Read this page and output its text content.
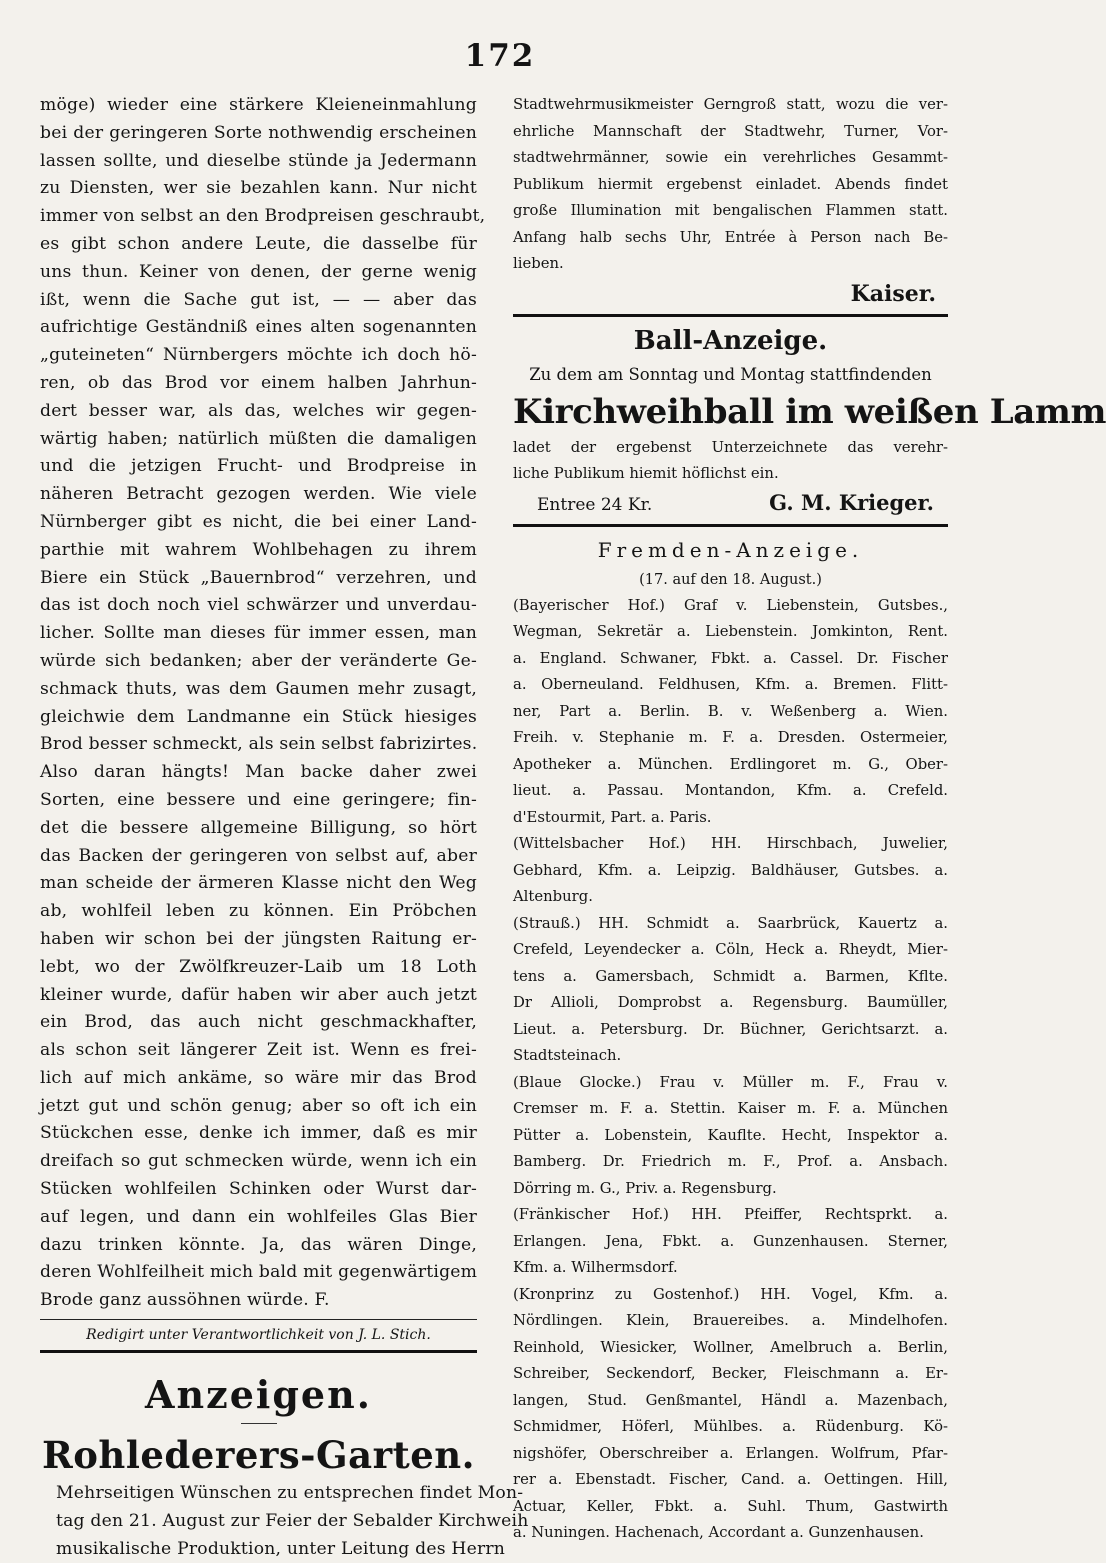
172
möge) wieder eine stärkere Kleieneinmahlung
bei der geringeren Sorte nothwendig erscheinen
lassen sollte, und dieselbe stünde ja Jedermann
zu Diensten, wer sie bezahlen kann. Nur nicht
immer von selbst an den Brodpreisen geschraubt,
es gibt schon andere Leute, die dasselbe für
uns thun. Keiner von denen, der gerne wenig
ißt, wenn die Sache gut ist, — — aber das
aufrichtige Geständniß eines alten sogenannten
„guteineten“ Nürnbergers möchte ich doch hö-
ren, ob das Brod vor einem halben Jahrhun-
dert besser war, als das, welches wir gegen-
wärtig haben; natürlich müßten die damaligen
und die jetzigen Frucht- und Brodpreise in
näheren Betracht gezogen werden. Wie viele
Nürnberger gibt es nicht, die bei einer Land-
parthie mit wahrem Wohlbehagen zu ihrem
Biere ein Stück „Bauernbrod“ verzehren, und
das ist doch noch viel schwärzer und unverdau-
licher. Sollte man dieses für immer essen, man
würde sich bedanken; aber der veränderte Ge-
schmack thuts, was dem Gaumen mehr zusagt,
gleichwie dem Landmanne ein Stück hiesiges
Brod besser schmeckt, als sein selbst fabrizirtes.
Also daran hängts! Man backe daher zwei
Sorten, eine bessere und eine geringere; fin-
det die bessere allgemeine Billigung, so hört
das Backen der geringeren von selbst auf, aber
man scheide der ärmeren Klasse nicht den Weg
ab, wohlfeil leben zu können. Ein Pröbchen
haben wir schon bei der jüngsten Raitung er-
lebt, wo der Zwölfkreuzer-Laib um 18 Loth
kleiner wurde, dafür haben wir aber auch jetzt
ein Brod, das auch nicht geschmackhafter,
als schon seit längerer Zeit ist. Wenn es frei-
lich auf mich ankäme, so wäre mir das Brod
jetzt gut und schön genug; aber so oft ich ein
Stückchen esse, denke ich immer, daß es mir
dreifach so gut schmecken würde, wenn ich ein
Stücken wohlfeilen Schinken oder Wurst dar-
auf legen, und dann ein wohlfeiles Glas Bier
dazu trinken könnte. Ja, das wären Dinge,
deren Wohlfeilheit mich bald mit gegenwärtigem
Brode ganz aussöhnen würde. F.
Redigirt unter Verantwortlichkeit von J. L. Stich.
Anzeigen.
Rohlederers-Garten.
Mehrseitigen Wünschen zu entsprechen findet Mon-
tag den 21. August zur Feier der Sebalder Kirchweih
musikalische Produktion, unter Leitung des Herrn
Stadtwehrmusikmeister Gerngroß statt, wozu die ver-
ehrliche Mannschaft der Stadtwehr, Turner, Vor-
stadtwehrmänner, sowie ein verehrliches Gesammt-
Publikum hiermit ergebenst einladet. Abends findet
große Illumination mit bengalischen Flammen statt.
Anfang halb sechs Uhr, Entrée à Person nach Be-
lieben.
Kaiser.
Ball-Anzeige.
Zu dem am Sonntag und Montag stattfindenden
Kirchweihball im weißen Lamm
ladet der ergebenst Unterzeichnete das verehr-
liche Publikum hiemit höflichst ein.
Entree 24 Kr.	G. M. Krieger.
Fremden-Anzeige.
(17. auf den 18. August.)
(Bayerischer Hof.) Graf v. Liebenstein, Gutsbes.,
Wegman, Sekretär a. Liebenstein. Jomkinton, Rent.
a. England. Schwaner, Fbkt. a. Cassel. Dr. Fischer
a. Oberneuland. Feldhusen, Kfm. a. Bremen. Flitt-
ner, Part a. Berlin. B. v. Weßenberg a. Wien.
Freih. v. Stephanie m. F. a. Dresden. Ostermeier,
Apotheker a. München. Erdlingoret m. G., Ober-
lieut. a. Passau. Montandon, Kfm. a. Crefeld.
d'Estourmit, Part. a. Paris.
(Wittelsbacher Hof.) HH. Hirschbach, Juwelier,
Gebhard, Kfm. a. Leipzig. Baldhäuser, Gutsbes. a.
Altenburg.
(Strauß.) HH. Schmidt a. Saarbrück, Kauertz a.
Crefeld, Leyendecker a. Cöln, Heck a. Rheydt, Mier-
tens a. Gamersbach, Schmidt a. Barmen, Kfltе.
Dr Allioli, Domprobst a. Regensburg. Baumüller,
Lieut. a. Petersburg. Dr. Büchner, Gerichtsarzt. a.
Stadtsteinach.
(Blaue Glocke.) Frau v. Müller m. F., Frau v.
Cremser m. F. a. Stettin. Kaiser m. F. a. München
Pütter a. Lobenstein, Kaufltе. Hecht, Inspektor a.
Bamberg. Dr. Friedrich m. F., Prof. a. Ansbach.
Dörring m. G., Priv. a. Regensburg.
(Fränkischer Hof.) HH. Pfeiffer, Rechtsprkt. a.
Erlangen. Jena, Fbkt. a. Gunzenhausen. Sterner,
Kfm. a. Wilhermsdorf.
(Kronprinz zu Gostenhof.) HH. Vogel, Kfm. a.
Nördlingen. Klein, Brauereibes. a. Mindelhofen.
Reinhold, Wiesicker, Wollner, Amelbruch a. Berlin,
Schreiber, Seckendorf, Becker, Fleischmann a. Er-
langen, Stud. Genßmantel, Händl a. Mazenbach,
Schmidmer, Höferl, Mühlbes. a. Rüdenburg. Kö-
nigshöfer, Oberschreiber a. Erlangen. Wolfrum, Pfar-
rer a. Ebenstadt. Fischer, Cand. a. Oettingen. Hill,
Actuar, Keller, Fbkt. a. Suhl. Thum, Gastwirth
a. Nuningen. Hachenach, Accordant a. Gunzenhausen.
